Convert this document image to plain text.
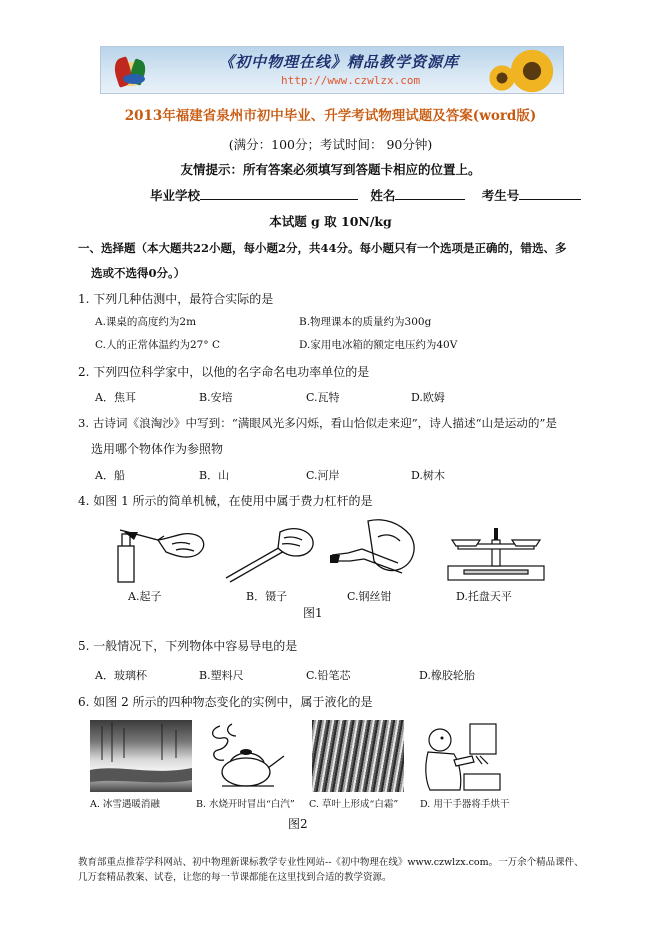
《初中物理在线》精品教学资源库
http://www.czwlzx.com
2013年福建省泉州市初中毕业、升学考试物理试题及答案(word版)
(满分：100分；考试时间： 90分钟)
友情提示：所有答案必须填写到答题卡相应的位置上。
毕业学校	姓名	考生号
本试题 g 取 10N/kg
一、选择题（本大题共22小题，每小题2分，共44分。每小题只有一个选项是正确的，错选、多
选或不选得0分。）
1. 下列几种估测中，最符合实际的是
A.课桌的高度约为2m	B.物理课本的质量约为300g
C.人的正常体温约为27° C	D.家用电冰箱的额定电压约为40V
2. 下列四位科学家中，以他的名字命名电功率单位的是
A．焦耳	B.安培	C.瓦特	D.欧姆
3. 古诗词《浪淘沙》中写到：“满眼风光多闪烁，看山恰似走来迎”，诗人描述“山是运动的”是
选用哪个物体作为参照物
A．船	B．山	C.河岸	D.树木
4. 如图 1 所示的简单机械，在使用中属于费力杠杆的是
A.起子	B．镊子	C.钢丝钳	D.托盘天平
图1
5. 一般情况下，下列物体中容易导电的是
A．玻璃杯	B.塑料尺	C.铅笔芯	D.橡胶轮胎
6. 如图 2 所示的四种物态变化的实例中，属于液化的是
A. 冰雪遇暖消融	B. 水烧开时冒出“白汽” C. 草叶上形成“白霜” D. 用干手器将手烘干
图2
教育部重点推荐学科网站、初中物理新课标教学专业性网站--《初中物理在线》www.czwlzx.com。一万余个精品课件、
几万套精品教案、试卷，让您的每一节课都能在这里找到合适的教学资源。
